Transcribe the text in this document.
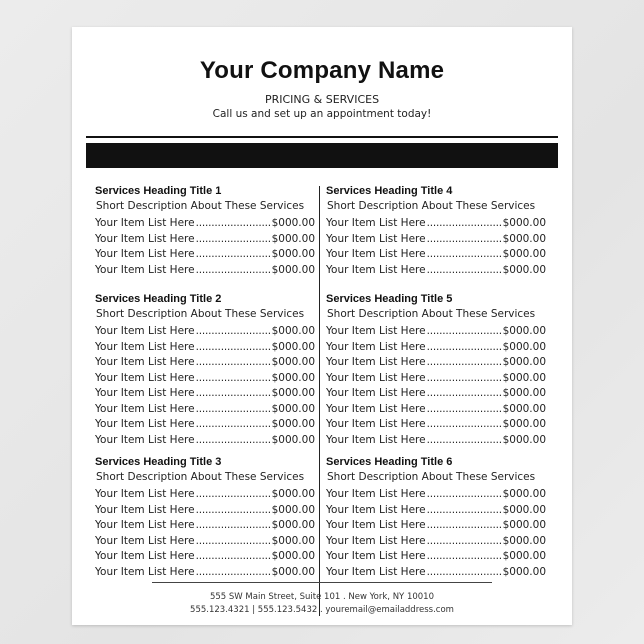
Your Company Name
PRICING & SERVICES
Call us and set up an appointment today!
Services Heading Title 1
Short Description About These Services
Your Item List Here .....	$000.00
Your Item List Here .....	$000.00
Your Item List Here .....	$000.00
Your Item List Here .....	$000.00
Services Heading Title 2
Short Description About These Services
Your Item List Here .....	$000.00
Your Item List Here .....	$000.00
Your Item List Here .....	$000.00
Your Item List Here .....	$000.00
Your Item List Here .....	$000.00
Your Item List Here .....	$000.00
Your Item List Here .....	$000.00
Your Item List Here .....	$000.00
Services Heading Title 3
Short Description About These Services
Your Item List Here .....	$000.00
Your Item List Here .....	$000.00
Your Item List Here .....	$000.00
Your Item List Here .....	$000.00
Your Item List Here .....	$000.00
Your Item List Here .....	$000.00
Services Heading Title 4
Short Description About These Services
Your Item List Here .....	$000.00
Your Item List Here .....	$000.00
Your Item List Here .....	$000.00
Your Item List Here .....	$000.00
Services Heading Title 5
Short Description About These Services
Your Item List Here .....	$000.00
Your Item List Here .....	$000.00
Your Item List Here .....	$000.00
Your Item List Here .....	$000.00
Your Item List Here .....	$000.00
Your Item List Here .....	$000.00
Your Item List Here .....	$000.00
Your Item List Here .....	$000.00
Services Heading Title 6
Short Description About These Services
Your Item List Here .....	$000.00
Your Item List Here .....	$000.00
Your Item List Here .....	$000.00
Your Item List Here .....	$000.00
Your Item List Here .....	$000.00
Your Item List Here .....	$000.00
555 SW Main Street, Suite 101 . New York, NY 10010
555.123.4321 | 555.123.5432 . youremail@emailaddress.com
